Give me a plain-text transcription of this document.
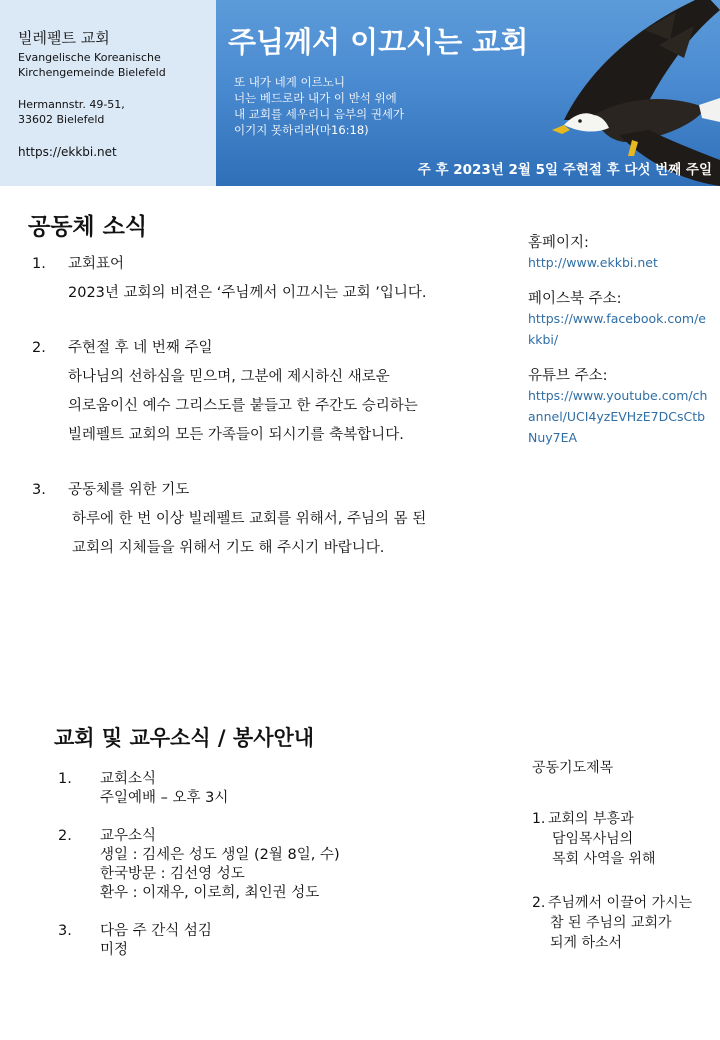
빌레펠트 교회
Evangelische Koreanische
Kirchengemeinde Bielefeld
Hermannstr. 49-51,
33602 Bielefeld
https://ekkbi.net
주님께서 이끄시는 교회
또 내가 네게 이르노니
너는 베드로라 내가 이 반석 위에
내 교회를 세우리니 음부의 권세가
이기지 못하리라(마16:18)
주 후 2023년 2월 5일 주현절 후 다섯 번째 주일
공동체 소식
1.	교회표어
2023년 교회의 비젼은 ‘주님께서 이끄시는 교회 ’입니다.
2.	주현절 후 네 번째 주일
하나님의 선하심을 믿으며, 그분에 제시하신 새로운
의로움이신 예수 그리스도를 붙들고 한 주간도 승리하는
빌레펠트 교회의 모든 가족들이 되시기를 축복합니다.
3.	공동체를 위한 기도
하루에 한 번 이상 빌레펠트 교회를 위해서, 주님의 몸 된
교회의 지체들을 위해서 기도 해 주시기 바랍니다.
홈페이지:
http://www.ekkbi.net
페이스북 주소:
https://www.facebook.com/ekkbi/
유튜브 주소:
https://www.youtube.com/channel/UCI4yzEVHzE7DCsCtbNuy7EA
교회 및 교우소식 / 봉사안내
1.	교회소식
주일예배 – 오후 3시
2.	교우소식
생일 : 김세은 성도 생일 (2월 8일, 수)
한국방문 : 김선영 성도
환우 : 이재우, 이로희, 최인권 성도
3.	다음 주 간식 섬김
미정
공동기도제목
1. 교회의 부흥과
담임목사님의
목회 사역을 위해
2. 주님께서 이끌어 가시는
참 된 주님의 교회가
되게 하소서
